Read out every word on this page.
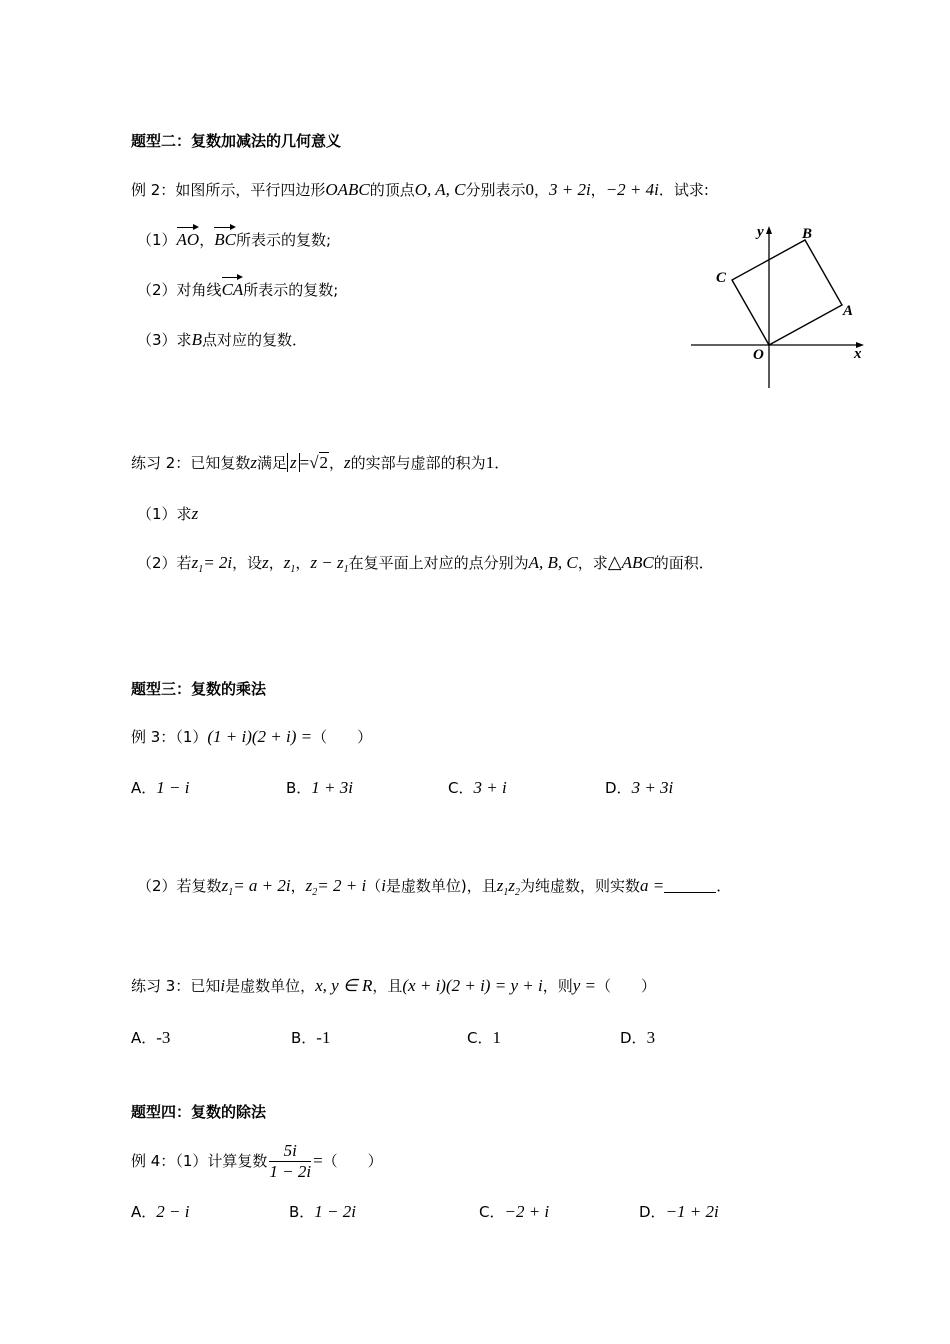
题型二：复数加减法的几何意义
例 2：如图所示，平行四边形OABC的顶点O, A, C分别表示0，3 + 2i，−2 + 4i．试求:
（1）AO，BC所表示的复数;
（2）对角线CA所表示的复数;
（3）求B点对应的复数．
y	B
C
A
O	x
练习 2：已知复数z满足 z =√2，z的实部与虚部的积为1．
（1）求z
（2）若$z_1= 2i$，设z，$z_1$，$z - z_1$在复平面上对应的点分别为A, B, C，求△ABC的面积．
题型三：复数的乘法
例 3：（1）(1 + i)(2 + i) =（　　）
A．1 − i	B．1 + 3i	C．3 + i	D．3 + 3i
（2）若复数$z_1= a + 2i$，$z_2= 2 + i(i$是虚数单位)，且$z_1z_2$为纯虚数，则实数a =	．
练习 3：已知i是虚数单位，x, y ∈ R，且(x + i)(2 + i) = y + i，则y =（　　）
A．-3	B．-1	C．1	D．3
题型四：复数的除法
例 4：（1）计算复数 $\frac{5i}{1 - 2i}$ =（　　）
A．2 − i	B．1 − 2i	C．−2 + i	D．−1 + 2i
